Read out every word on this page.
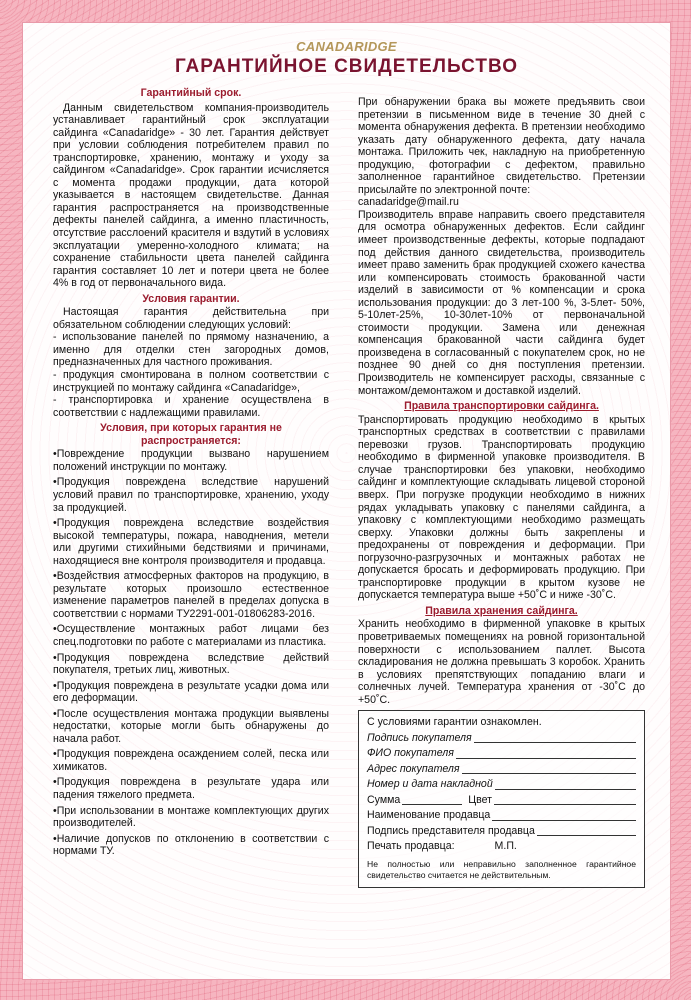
CANADARIDGE
ГАРАНТИЙНОЕ СВИДЕТЕЛЬСТВО

Гарантийный срок.

Данным свидетельством компания-производитель устанавливает гарантийный срок эксплуатации сайдинга «Canadaridge» - 30 лет. Гарантия действует при условии соблюдения потребителем правил по транспортировке, хранению, монтажу и уходу за сайдингом «Canadaridge». Срок гарантии исчисляется с момента продажи продукции, дата которой указывается в настоящем свидетельстве. Данная гарантия распространяется на производственные дефекты панелей сайдинга, а именно пластичность, отсутствие расслоений красителя и вздутий в условиях эксплуатации умеренно-холодного климата; на сохранение стабильности цвета панелей сайдинга гарантия составляет 10 лет и потери цвета не более 4% в год от первоначального вида.

Условия гарантии.

Настоящая гарантия действительна при обязательном соблюдении следующих условий:

- использование панелей по прямому назначению, а именно для отделки стен загородных домов, предназначенных для частного проживания.

- продукция смонтирована в полном соответствии с инструкцией по монтажу сайдинга «Canadaridge»,

- транспортировка и хранение осуществлена в соответствии с надлежащими правилами.

Условия, при которых гарантия не распространяется:

•Повреждение продукции вызвано нарушением положений инструкции по монтажу.

•Продукция повреждена вследствие нарушений условий правил по транспортировке, хранению, уходу за продукцией.

•Продукция повреждена вследствие воздействия высокой температуры, пожара, наводнения, метели или другими стихийными бедствиями и причинами, находящиеся вне контроля производителя и продавца.

•Воздействия атмосферных факторов на продукцию, в результате которых произошло естественное изменение параметров панелей в пределах допуска в соответствии с нормами ТУ2291-001-01806283-2016.

•Осуществление монтажных работ лицами без спец.подготовки по работе с материалами из пластика.

•Продукция повреждена вследствие действий покупателя, третьих лиц, животных.

•Продукция повреждена в результате усадки дома или его деформации.

•После осуществления монтажа продукции выявлены недостатки, которые могли быть обнаружены до начала работ.

•Продукция повреждена осаждением солей, песка или химикатов.

•Продукция повреждена в результате удара или падения тяжелого предмета.

•При использовании в монтаже комплектующих других производителей.

•Наличие допусков по отклонению в соответствии с нормами ТУ.

При обнаружении брака вы можете предъявить свои претензии в письменном виде в течение 30 дней с момента обнаружения дефекта. В претензии необходимо указать дату обнаруженного дефекта, дату начала монтажа. Приложить чек, накладную на приобретенную продукцию, фотографии с дефектом, правильно заполненное гарантийное свидетельство. Претензии присылайте по электронной почте:

canadaridge@mail.ru

Производитель вправе направить своего представителя для осмотра обнаруженных дефектов. Если сайдинг имеет производственные дефекты, которые подпадают под действия данного свидетельства, производитель имеет право заменить брак продукцией схожего качества или компенсировать стоимость бракованной части изделий в зависимости от % компенсации и срока использования продукции: до 3 лет-100 %, 3-5лет- 50%, 5-10лет-25%, 10-30лет-10% от первоначальной стоимости продукции. Замена или денежная компенсация бракованной части сайдинга будет произведена в согласованный с покупателем срок, но не позднее 90 дней со дня поступления претензии. Производитель не компенсирует расходы, связанные с монтажом/демонтажом и доставкой изделий.

Правила транспортировки сайдинга.

Транспортировать продукцию необходимо в крытых транспортных средствах в соответствии с правилами перевозки грузов. Транспортировать продукцию необходимо в фирменной упаковке производителя. В случае транспортировки без упаковки, необходимо сайдинг и комплектующие складывать лицевой стороной вверх. При погрузке продукции необходимо в нижних рядах укладывать упаковку с панелями сайдинга, а упаковку с комплектующими необходимо размещать сверху. Упаковки должны быть закреплены и предохранены от повреждения и деформации. При погрузочно-разгрузочных и монтажных работах не допускается бросать и деформировать продукцию. При транспортировке продукции в крытом кузове не допускается температура выше +50˚С и ниже -30˚С.

Правила хранения сайдинга.

Хранить необходимо в фирменной упаковке в крытых проветриваемых помещениях на ровной горизонтальной поверхности с использованием паллет. Высота складирования не должна превышать 3 коробок. Хранить в условиях препятствующих попаданию влаги и солнечных лучей. Температура хранения от -30˚С до +50˚С.

С условиями гарантии ознакомлен.
Подпись покупателя
ФИО покупателя
Адрес покупателя
Номер и дата накладной
Сумма	Цвет
Наименование продавца
Подпись представителя продавца
Печать продавца:	М.П.
Не полностью или неправильно заполненное гарантийное свидетельство считается не действительным.
